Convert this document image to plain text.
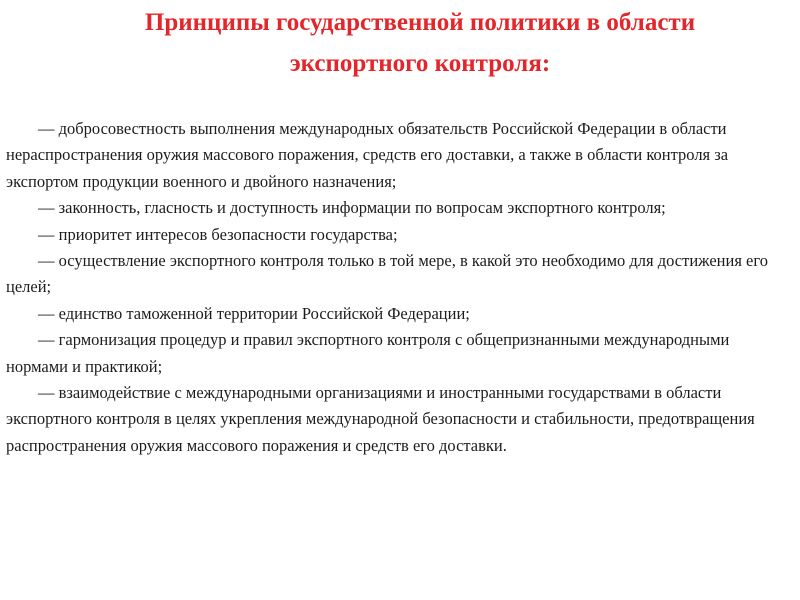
Принципы государственной политики в области
экспортного контроля:

— добросовестность выполнения международных обязательств Российской Федерации в области нераспространения оружия массового поражения, средств его доставки, а также в области контроля за экспортом продукции военного и двойного назначения;

— законность, гласность и доступность информации по вопросам экспортного контроля;

— приоритет интересов безопасности государства;

— осуществление экспортного контроля только в той мере, в какой это необходимо для достижения его целей;

— единство таможенной территории Российской Федерации;

— гармонизация процедур и правил экспортного контроля с общепризнанными международными нормами и практикой;

— взаимодействие с международными организациями и иностранными государствами в области экспортного контроля в целях укрепления международной безопасности и стабильности, предотвращения распространения оружия массового поражения и средств его доставки.
